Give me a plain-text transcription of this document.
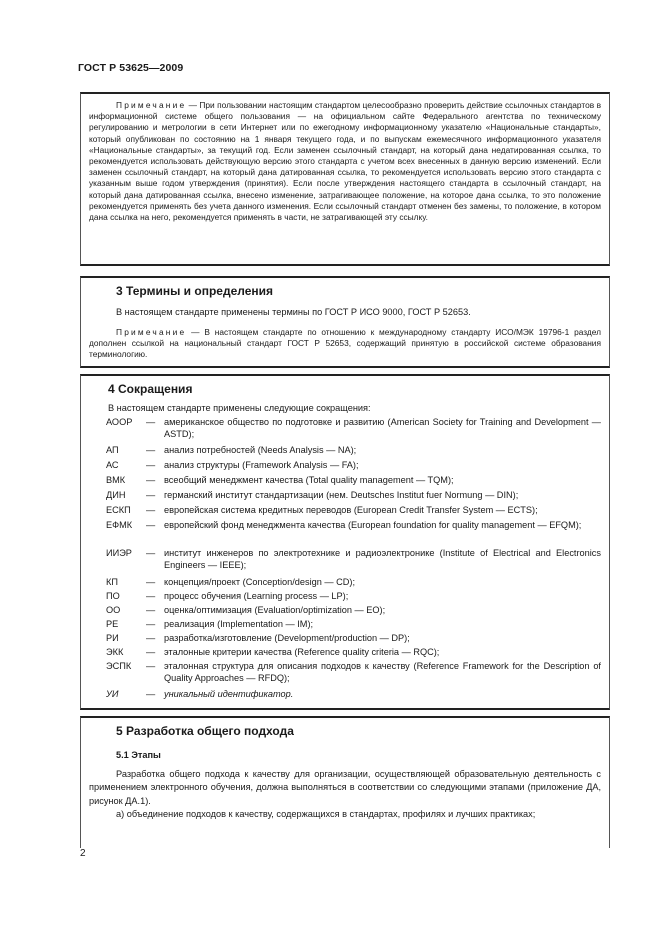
ГОСТ Р 53625—2009

Примечание — При пользовании настоящим стандартом целесообразно проверить действие ссылочных стандартов в информационной системе общего пользования — на официальном сайте Федерального агентства по техническому регулированию и метрологии в сети Интернет или по ежегодному информационному указателю «Национальные стандарты», который опубликован по состоянию на 1 января текущего года, и по выпускам ежемесячного информационного указателя «Национальные стандарты», за текущий год. Если заменен ссылочный стандарт, на который дана недатированная ссылка, то рекомендуется использовать действующую версию этого стандарта с учетом всех внесенных в данную версию изменений. Если заменен ссылочный стандарт, на который дана датированная ссылка, то рекомендуется использовать версию этого стандарта с указанным выше годом утверждения (принятия). Если после утверждения настоящего стандарта в ссылочный стандарт, на который дана датированная ссылка, внесено изменение, затрагивающее положение, на которое дана ссылка, то это положение рекомендуется применять без учета данного изменения. Если ссылочный стандарт отменен без замены, то положение, в котором дана ссылка на него, рекомендуется применять в части, не затрагивающей эту ссылку.

3 Термины и определения

В настоящем стандарте применены термины по ГОСТ Р ИСО 9000, ГОСТ Р 52653.

Примечание — В настоящем стандарте по отношению к международному стандарту ИСО/МЭК 19796-1 раздел дополнен ссылкой на национальный стандарт ГОСТ Р 52653, содержащий принятую в российской системе образования терминологию.

4 Сокращения

В настоящем стандарте применены следующие сокращения:

АООР — американское общество по подготовке и развитию (American Society for Training and Development — ASTD);
АП	— анализ потребностей (Needs Analysis — NA);
АС	— анализ структуры (Framework Analysis — FA);
ВМК — всеобщий менеджмент качества (Total quality management — TQM);
ДИН — германский институт стандартизации (нем. Deutsches Institut fuer Normung — DIN);
ЕСКП — европейская система кредитных переводов (European Credit Transfer System — ECTS);
ЕФМК — европейский фонд менеджмента качества (European foundation for quality management — EFQM);
ИИЭР — институт инженеров по электротехнике и радиоэлектронике (Institute of Electrical and Electronics Engineers — IEEE);
КП	— концепция/проект (Conception/design — CD);
ПО	— процесс обучения (Learning process — LP);
ОО	— оценка/оптимизация (Evaluation/optimization — EO);
РЕ	— реализация (Implementation — IM);
РИ	— разработка/изготовление (Development/production — DP);
ЭКК — эталонные критерии качества (Reference quality criteria — RQC);
ЭСПК — эталонная структура для описания подходов к качеству (Reference Framework for the Description of Quality Approaches — RFDQ);
УИ	— уникальный идентификатор.
5 Разработка общего подхода
5.1 Этапы

Разработка общего подхода к качеству для организации, осуществляющей образовательную деятельность с применением электронного обучения, должна выполняться в соответствии со следующими этапами (приложение ДА, рисунок ДА.1).

а) объединение подходов к качеству, содержащихся в стандартах, профилях и лучших практиках;

2
